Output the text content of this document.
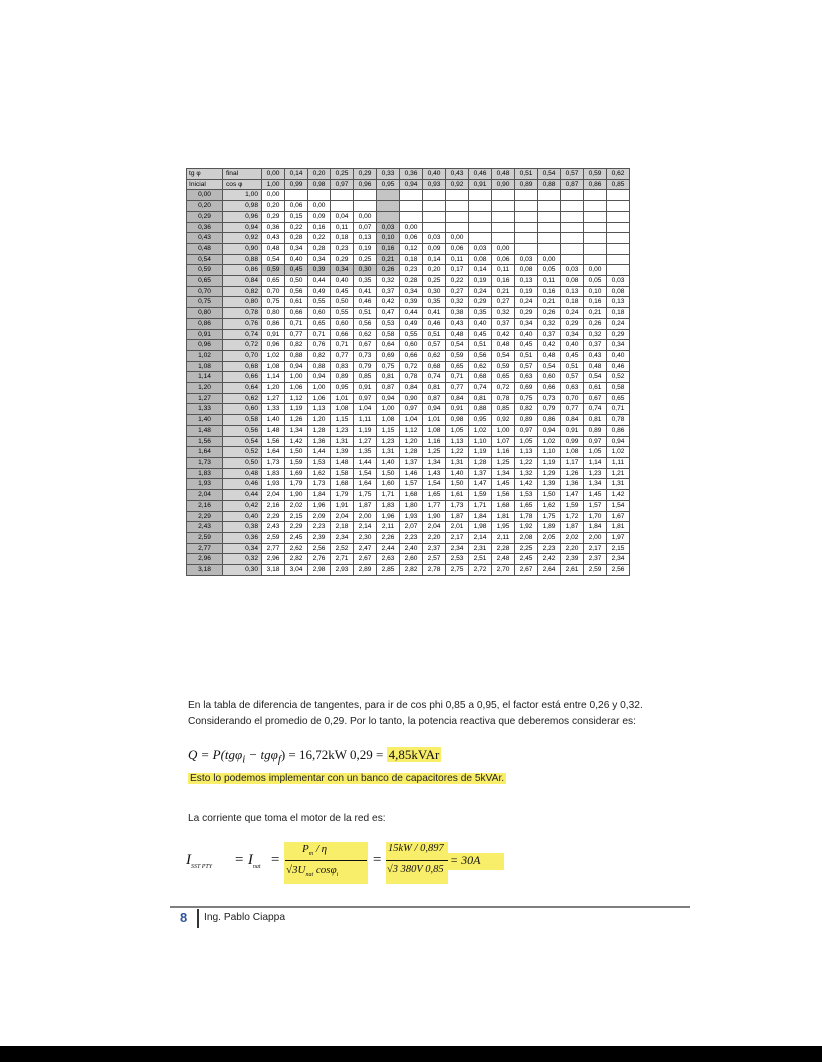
tg φ	final	0,00	0,14	0,20	0,25	0,29	0,33	0,36	0,40	0,43	0,46	0,48	0,51	0,54	0,57	0,59	0,62
Inicial	cos φ	1,00	0,99	0,98	0,97	0,96	0,95	0,94	0,93	0,92	0,91	0,90	0,89	0,88	0,87	0,86	0,85
0,00	1,00	0,00															
0,20	0,98	0,20	0,06	0,00													
0,29	0,96	0,29	0,15	0,09	0,04	0,00											
0,36	0,94	0,36	0,22	0,16	0,11	0,07	0,03	0,00									
0,43	0,92	0,43	0,28	0,22	0,18	0,13	0,10	0,06	0,03	0,00							
0,48	0,90	0,48	0,34	0,28	0,23	0,19	0,16	0,12	0,09	0,06	0,03	0,00					
0,54	0,88	0,54	0,40	0,34	0,29	0,25	0,21	0,18	0,14	0,11	0,08	0,06	0,03	0,00			
0,59	0,86	0,59	0,45	0,39	0,34	0,30	0,26	0,23	0,20	0,17	0,14	0,11	0,08	0,05	0,03	0,00	
0,65	0,84	0,65	0,50	0,44	0,40	0,35	0,32	0,28	0,25	0,22	0,19	0,16	0,13	0,11	0,08	0,05	0,03
0,70	0,82	0,70	0,56	0,49	0,45	0,41	0,37	0,34	0,30	0,27	0,24	0,21	0,19	0,16	0,13	0,10	0,08
0,75	0,80	0,75	0,61	0,55	0,50	0,46	0,42	0,39	0,35	0,32	0,29	0,27	0,24	0,21	0,18	0,16	0,13
0,80	0,78	0,80	0,66	0,60	0,55	0,51	0,47	0,44	0,41	0,38	0,35	0,32	0,29	0,26	0,24	0,21	0,18
0,86	0,76	0,86	0,71	0,65	0,60	0,56	0,53	0,49	0,46	0,43	0,40	0,37	0,34	0,32	0,29	0,26	0,24
0,91	0,74	0,91	0,77	0,71	0,66	0,62	0,58	0,55	0,51	0,48	0,45	0,42	0,40	0,37	0,34	0,32	0,29
0,96	0,72	0,96	0,82	0,76	0,71	0,67	0,64	0,60	0,57	0,54	0,51	0,48	0,45	0,42	0,40	0,37	0,34
1,02	0,70	1,02	0,88	0,82	0,77	0,73	0,69	0,66	0,62	0,59	0,56	0,54	0,51	0,48	0,45	0,43	0,40
1,08	0,68	1,08	0,94	0,88	0,83	0,79	0,75	0,72	0,68	0,65	0,62	0,59	0,57	0,54	0,51	0,48	0,46
1,14	0,66	1,14	1,00	0,94	0,89	0,85	0,81	0,78	0,74	0,71	0,68	0,65	0,63	0,60	0,57	0,54	0,52
1,20	0,64	1,20	1,06	1,00	0,95	0,91	0,87	0,84	0,81	0,77	0,74	0,72	0,69	0,66	0,63	0,61	0,58
1,27	0,62	1,27	1,12	1,06	1,01	0,97	0,94	0,90	0,87	0,84	0,81	0,78	0,75	0,73	0,70	0,67	0,65
1,33	0,60	1,33	1,19	1,13	1,08	1,04	1,00	0,97	0,94	0,91	0,88	0,85	0,82	0,79	0,77	0,74	0,71
1,40	0,58	1,40	1,26	1,20	1,15	1,11	1,08	1,04	1,01	0,98	0,95	0,92	0,89	0,86	0,84	0,81	0,78
1,48	0,56	1,48	1,34	1,28	1,23	1,19	1,15	1,12	1,08	1,05	1,02	1,00	0,97	0,94	0,91	0,89	0,86
1,56	0,54	1,56	1,42	1,36	1,31	1,27	1,23	1,20	1,16	1,13	1,10	1,07	1,05	1,02	0,99	0,97	0,94
1,64	0,52	1,64	1,50	1,44	1,39	1,35	1,31	1,28	1,25	1,22	1,19	1,16	1,13	1,10	1,08	1,05	1,02
1,73	0,50	1,73	1,59	1,53	1,48	1,44	1,40	1,37	1,34	1,31	1,28	1,25	1,22	1,19	1,17	1,14	1,11
1,83	0,48	1,83	1,69	1,62	1,58	1,54	1,50	1,46	1,43	1,40	1,37	1,34	1,32	1,29	1,26	1,23	1,21
1,93	0,46	1,93	1,79	1,73	1,68	1,64	1,60	1,57	1,54	1,50	1,47	1,45	1,42	1,39	1,36	1,34	1,31
2,04	0,44	2,04	1,90	1,84	1,79	1,75	1,71	1,68	1,65	1,61	1,59	1,56	1,53	1,50	1,47	1,45	1,42
2,16	0,42	2,16	2,02	1,96	1,91	1,87	1,83	1,80	1,77	1,73	1,71	1,68	1,65	1,62	1,59	1,57	1,54
2,29	0,40	2,29	2,15	2,09	2,04	2,00	1,96	1,93	1,90	1,87	1,84	1,81	1,78	1,75	1,72	1,70	1,67
2,43	0,38	2,43	2,29	2,23	2,18	2,14	2,11	2,07	2,04	2,01	1,98	1,95	1,92	1,89	1,87	1,84	1,81
2,59	0,36	2,59	2,45	2,39	2,34	2,30	2,26	2,23	2,20	2,17	2,14	2,11	2,08	2,05	2,02	2,00	1,97
2,77	0,34	2,77	2,62	2,56	2,52	2,47	2,44	2,40	2,37	2,34	2,31	2,28	2,25	2,23	2,20	2,17	2,15
2,96	0,32	2,96	2,82	2,76	2,71	2,67	2,63	2,60	2,57	2,53	2,51	2,48	2,45	2,42	2,39	2,37	2,34
3,18	0,30	3,18	3,04	2,98	2,93	2,89	2,85	2,82	2,78	2,75	2,72	2,70	2,67	2,64	2,61	2,59	2,56

En la tabla de diferencia de tangentes, para ir de cos phi 0,85 a 0,95, el factor está entre 0,26 y 0,32. Considerando el promedio de 0,29. Por lo tanto, la potencia reactiva que deberemos considerar es:

Q = P(tgφ$_i$ − tgφ$_f$) = 16,72kW 0,29 = 4,85kVAr
Esto lo podemos implementar con un banco de capacitores de 5kVAr.
La corriente que toma el motor de la red es:
$I_{SST PTY} = I_{nat}$ =
$P_m$ / η
$√3U_{nat}$ cosφ$_i$
=
15kW / 0,897
√3 380V 0,85
= 30A
8 Ing. Pablo Ciappa
